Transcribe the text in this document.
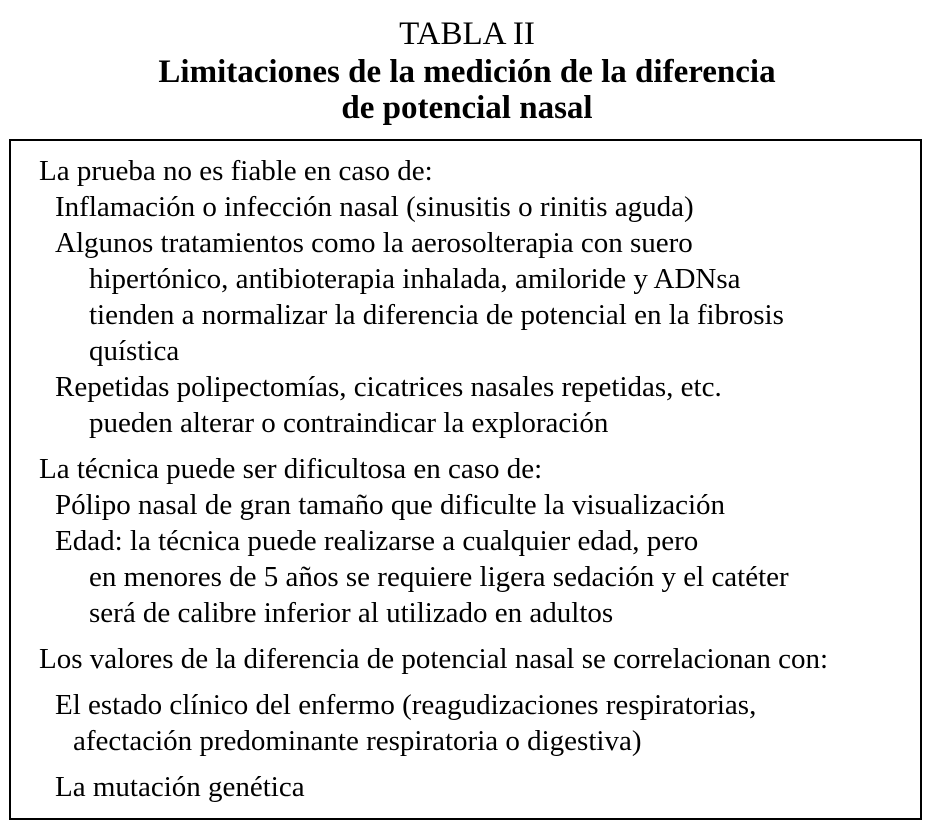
TABLA II
Limitaciones de la medición de la diferencia
de potencial nasal
La prueba no es fiable en caso de:
Inflamación o infección nasal (sinusitis o rinitis aguda)
Algunos tratamientos como la aerosolterapia con suero
hipertónico, antibioterapia inhalada, amiloride y ADNsa
tienden a normalizar la diferencia de potencial en la fibrosis
quística
Repetidas polipectomías, cicatrices nasales repetidas, etc.
pueden alterar o contraindicar la exploración
La técnica puede ser dificultosa en caso de:
Pólipo nasal de gran tamaño que dificulte la visualización
Edad: la técnica puede realizarse a cualquier edad, pero
en menores de 5 años se requiere ligera sedación y el catéter
será de calibre inferior al utilizado en adultos
Los valores de la diferencia de potencial nasal se correlacionan con:
El estado clínico del enfermo (reagudizaciones respiratorias,
afectación predominante respiratoria o digestiva)
La mutación genética
